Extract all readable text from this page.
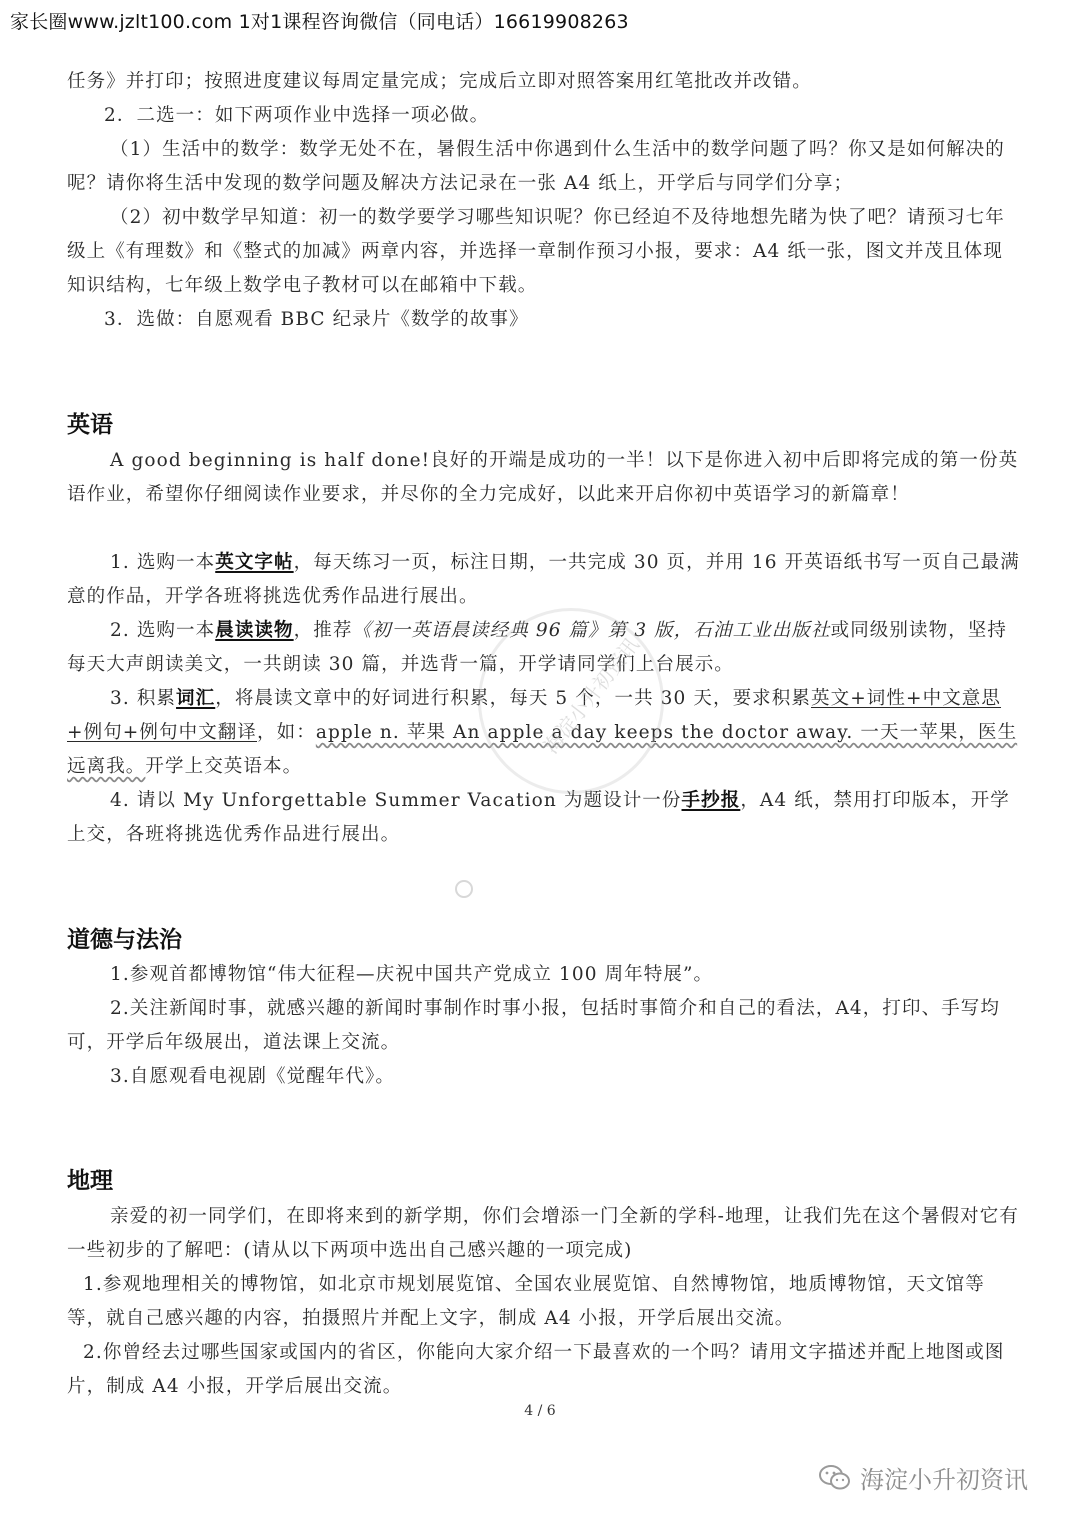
家长圈www.jzlt100.com 1对1课程咨询微信（同电话）16619908263

任务》并打印；按照进度建议每周定量完成；完成后立即对照答案用红笔批改并改错。

2．二选一：如下两项作业中选择一项必做。

（1）生活中的数学：数学无处不在，暑假生活中你遇到什么生活中的数学问题了吗？你又是如何解决的呢？请你将生活中发现的数学问题及解决方法记录在一张 A4 纸上，开学后与同学们分享；

（2）初中数学早知道：初一的数学要学习哪些知识呢？你已经迫不及待地想先睹为快了吧？请预习七年级上《有理数》和《整式的加减》两章内容，并选择一章制作预习小报，要求：A4 纸一张，图文并茂且体现知识结构，七年级上数学电子教材可以在邮箱中下载。

3．选做：自愿观看 BBC 纪录片《数学的故事》

英语

A good beginning is half done!良好的开端是成功的一半！以下是你进入初中后即将完成的第一份英语作业，希望你仔细阅读作业要求，并尽你的全力完成好，以此来开启你初中英语学习的新篇章！

1. 选购一本英文字帖，每天练习一页，标注日期，一共完成 30 页，并用 16 开英语纸书写一页自己最满意的作品，开学各班将挑选优秀作品进行展出。

2. 选购一本晨读读物，推荐《初一英语晨读经典 96 篇》第 3 版，石油工业出版社或同级别读物，坚持每天大声朗读美文，一共朗读 30 篇，并选背一篇，开学请同学们上台展示。

3. 积累词汇，将晨读文章中的好词进行积累，每天 5 个，一共 30 天，要求积累英文+词性+中文意思+例句+例句中文翻译，如：apple n. 苹果 An apple a day keeps the doctor away. 一天一苹果，医生远离我。开学上交英语本。

4. 请以 My Unforgettable Summer Vacation 为题设计一份手抄报，A4 纸，禁用打印版本，开学上交，各班将挑选优秀作品进行展出。

道德与法治

1.参观首都博物馆“伟大征程—庆祝中国共产党成立 100 周年特展”。

2.关注新闻时事，就感兴趣的新闻时事制作时事小报，包括时事简介和自己的看法，A4，打印、手写均可，开学后年级展出，道法课上交流。

3.自愿观看电视剧《觉醒年代》。

地理

亲爱的初一同学们，在即将来到的新学期，你们会增添一门全新的学科-地理，让我们先在这个暑假对它有一些初步的了解吧：(请从以下两项中选出自己感兴趣的一项完成)

1.参观地理相关的博物馆，如北京市规划展览馆、全国农业展览馆、自然博物馆，地质博物馆，天文馆等等，就自己感兴趣的内容，拍摄照片并配上文字，制成 A4 小报，开学后展出交流。

2.你曾经去过哪些国家或国内的省区，你能向大家介绍一下最喜欢的一个吗？请用文字描述并配上地图或图片，制成 A4 小报，开学后展出交流。

4 / 6
海淀小升初资讯
海淀小升初资讯
